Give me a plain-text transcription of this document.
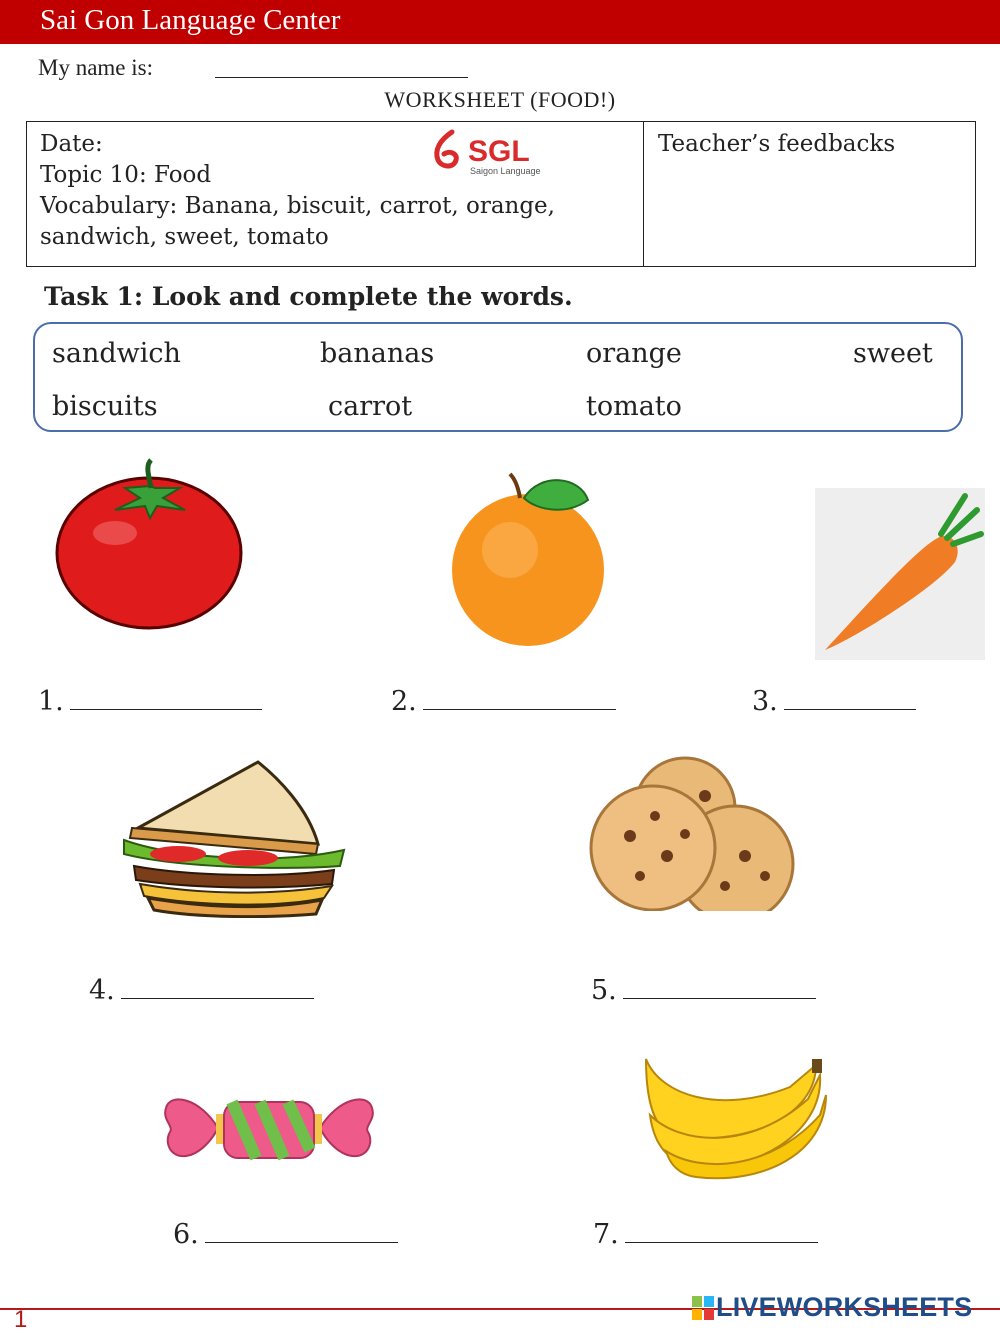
Sai Gon Language Center
My name is:
WORKSHEET (FOOD!)
Date:
Topic 10: Food
Vocabulary: Banana, biscuit, carrot, orange,
sandwich, sweet, tomato
Teacher’s feedbacks
SGL
Saigon Language
Task 1: Look and complete the words.
sandwich	bananas	orange	sweet
biscuits	carrot	tomato
1.	2.	3.
4.	5.
6.	7.
1	LIVEWORKSHEETS
